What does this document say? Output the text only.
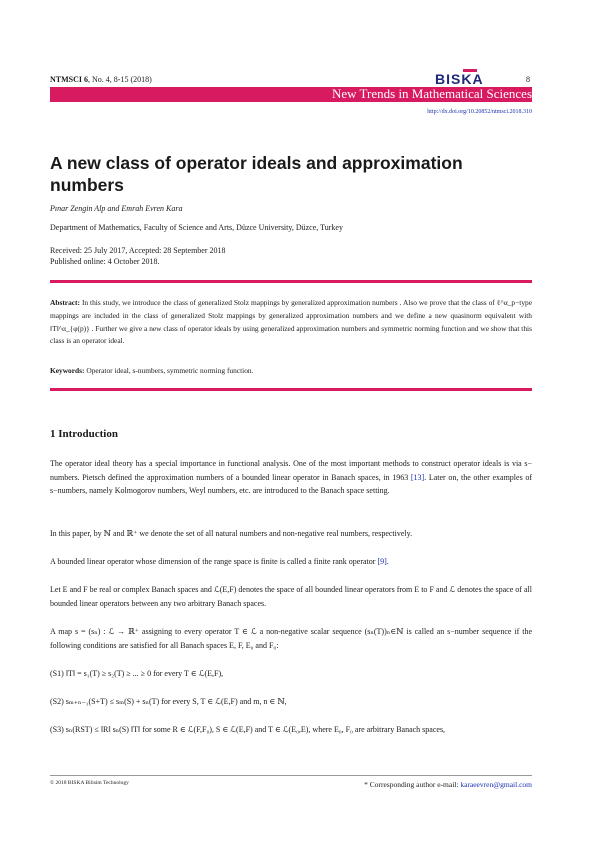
NTMSCI 6, No. 4, 8-15 (2018)	BISKA	8
New Trends in Mathematical Sciences
http://dx.doi.org/10.20852/ntmsci.2018.310
A new class of operator ideals and approximation numbers
Pınar Zengin Alp and Emrah Evren Kara
Department of Mathematics, Faculty of Science and Arts, Düzce University, Düzce, Turkey
Received: 25 July 2017, Accepted: 28 September 2018
Published online: 4 October 2018.
Abstract: In this study, we introduce the class of generalized Stolz mappings by generalized approximation numbers . Also we prove that the class of ℓ^α_p−type mappings are included in the class of generalized Stolz mappings by generalized approximation numbers and we define a new quasinorm equivalent with ‖T‖^α_{φ(p)} . Further we give a new class of operator ideals by using generalized approximation numbers and symmetric norming function and we show that this class is an operator ideal.
Keywords: Operator ideal, s-numbers, symmetric norming function.
1 Introduction
The operator ideal theory has a special importance in functional analysis. One of the most important methods to construct operator ideals is via s− numbers. Pietsch defined the approximation numbers of a bounded linear operator in Banach spaces, in 1963 [13]. Later on, the other examples of s−numbers, namely Kolmogorov numbers, Weyl numbers, etc. are introduced to the Banach space setting.
In this paper, by ℕ and ℝ⁺ we denote the set of all natural numbers and non-negative real numbers, respectively.
A bounded linear operator whose dimension of the range space is finite is called a finite rank operator [9].
Let E and F be real or complex Banach spaces and ℒ(E,F) denotes the space of all bounded linear operators from E to F and ℒ denotes the space of all bounded linear operators between any two arbitrary Banach spaces.
A map s = (sₙ) : ℒ → ℝ⁺ assigning to every operator T ∈ ℒ a non-negative scalar sequence (sₙ(T))ₙ∈ℕ is called an s−number sequence if the following conditions are satisfied for all Banach spaces E, F, E₀ and F₀:
(S1) ‖T‖ = s₁(T) ≥ s₂(T) ≥ ... ≥ 0 for every T ∈ ℒ(E,F),
(S2) sₘ₊ₙ₋₁(S+T) ≤ sₘ(S) + sₙ(T) for every S, T ∈ ℒ(E,F) and m, n ∈ ℕ,
(S3) sₙ(RST) ≤ ‖R‖ sₙ(S) ‖T‖ for some R ∈ ℒ(F,F₀), S ∈ ℒ(E,F) and T ∈ ℒ(E₀,E), where E₀, F₀ are arbitrary Banach spaces,
© 2018 BISKA Bilisim Technology	* Corresponding author e-mail: karaeevren@gmail.com
